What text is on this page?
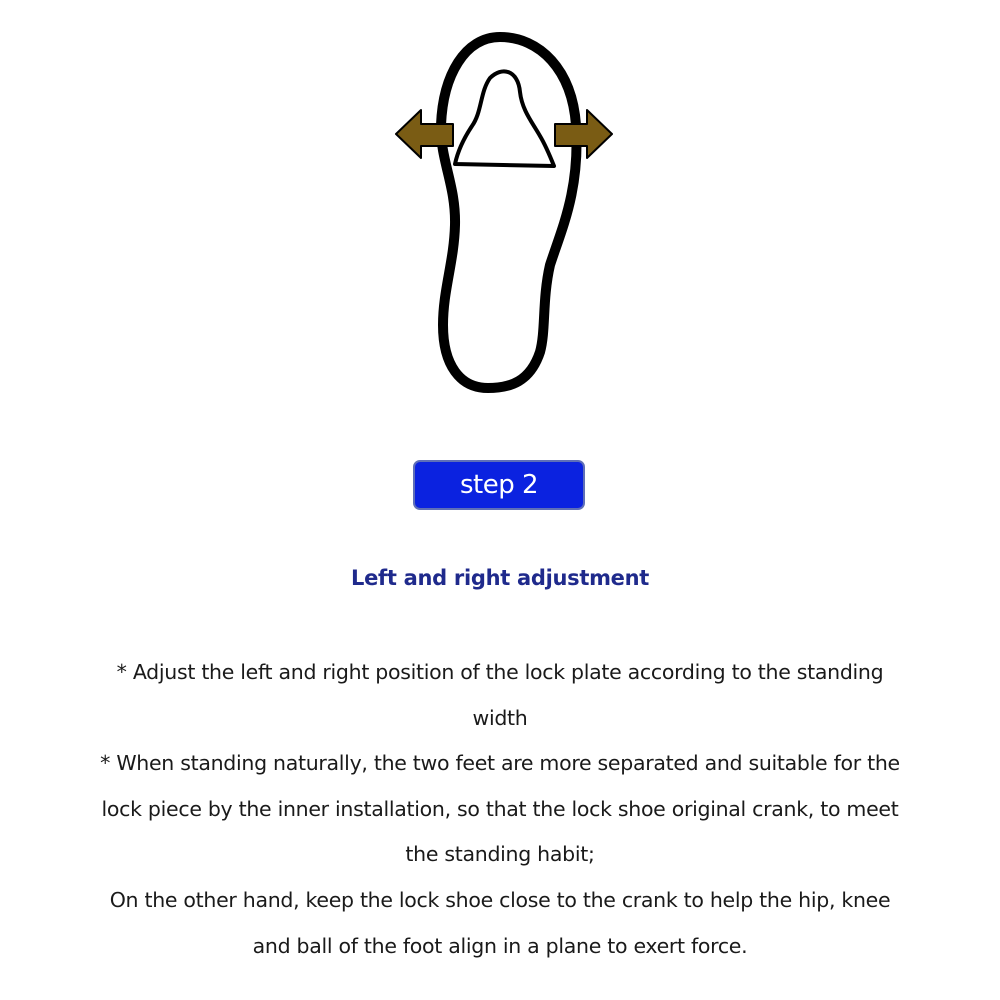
step 2
Left and right adjustment

* Adjust the left and right position of the lock plate according to the standing width

* When standing naturally, the two feet are more separated and suitable for the lock piece by the inner installation, so that the lock shoe original crank, to meet the standing habit;

On the other hand, keep the lock shoe close to the crank to help the hip, knee and ball of the foot align in a plane to exert force.
